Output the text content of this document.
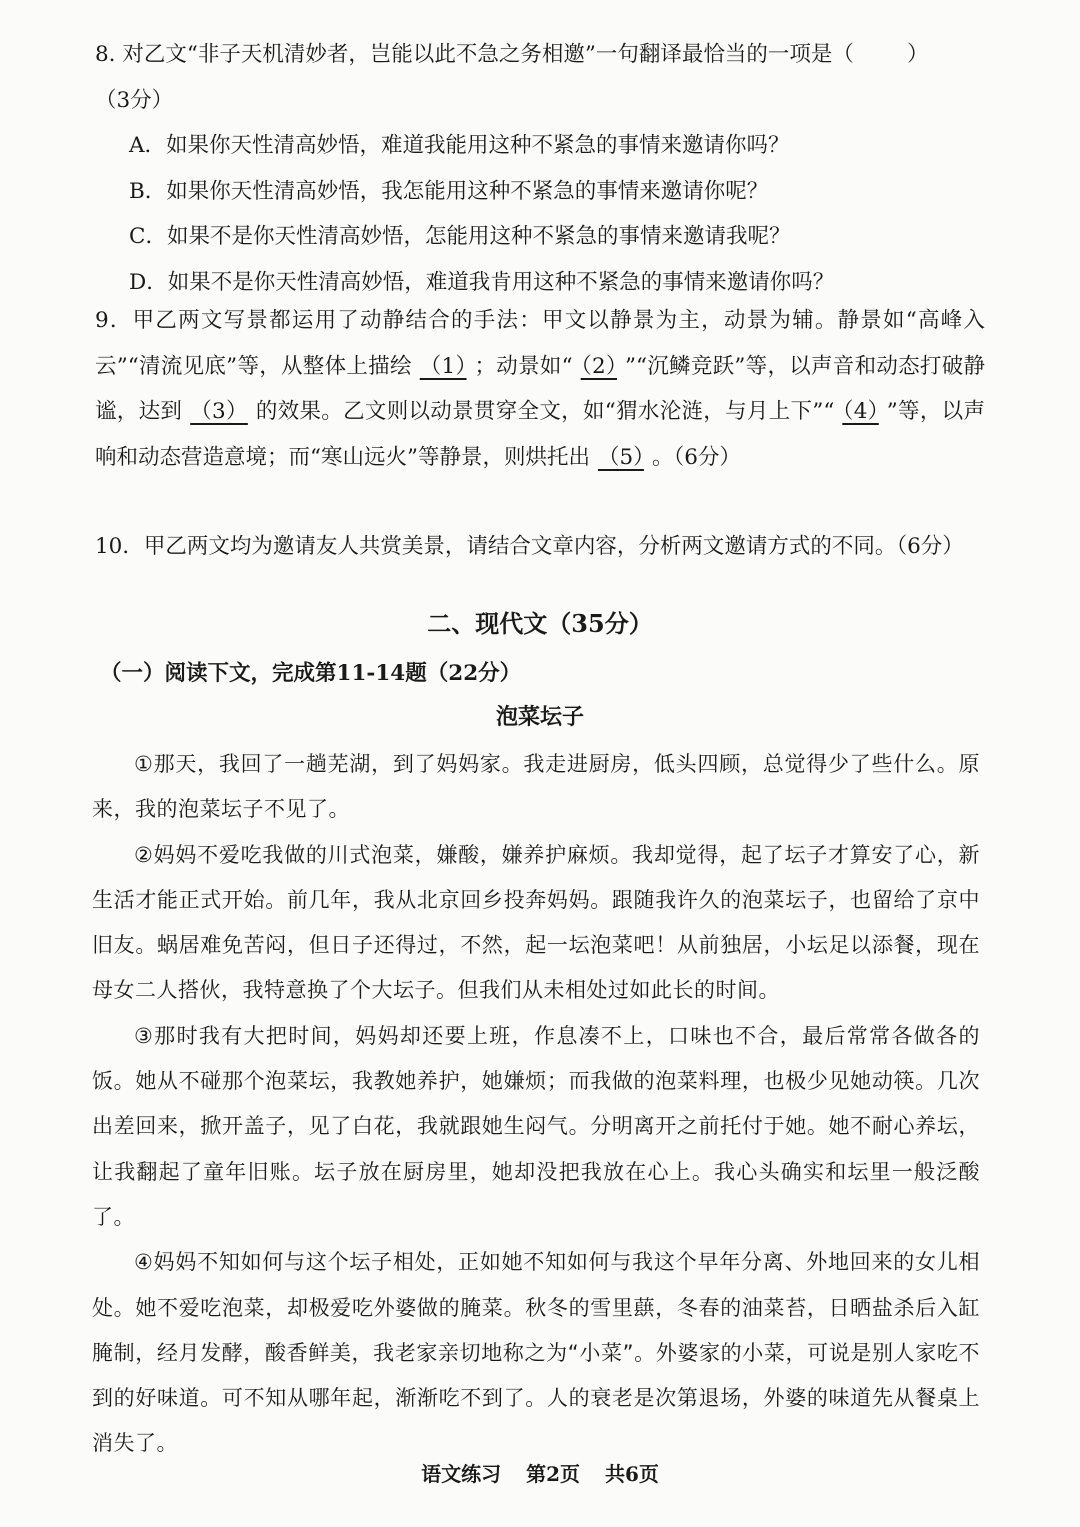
8. 对乙文“非子天机清妙者，岂能以此不急之务相邀”一句翻译最恰当的一项是（ ）
（3分）
A．如果你天性清高妙悟，难道我能用这种不紧急的事情来邀请你吗？
B．如果你天性清高妙悟，我怎能用这种不紧急的事情来邀请你呢？
C．如果不是你天性清高妙悟，怎能用这种不紧急的事情来邀请我呢？
D．如果不是你天性清高妙悟，难道我肯用这种不紧急的事情来邀请你吗？
9．甲乙两文写景都运用了动静结合的手法：甲文以静景为主，动景为辅。静景如“高峰入云”“清流见底”等，从整体上描绘 （1） ；动景如“ （2） ”“沉鳞竞跃”等，以声音和动态打破静谧，达到 （3） 的效果。乙文则以动景贯穿全文，如“猬水沦涟，与月上下”“ （4） ”等，以声响和动态营造意境；而“寒山远火”等静景，则烘托出 （5） 。（6分）
10．甲乙两文均为邀请友人共赏美景，请结合文章内容，分析两文邀请方式的不同。（6分）
二、现代文（35分）
（一）阅读下文，完成第11-14题（22分）
泡菜坛子

①那天，我回了一趟芜湖，到了妈妈家。我走进厨房，低头四顾，总觉得少了些什么。原来，我的泡菜坛子不见了。

②妈妈不爱吃我做的川式泡菜，嫌酸，嫌养护麻烦。我却觉得，起了坛子才算安了心，新生活才能正式开始。前几年，我从北京回乡投奔妈妈。跟随我许久的泡菜坛子，也留给了京中旧友。蜗居难免苦闷，但日子还得过，不然，起一坛泡菜吧！从前独居，小坛足以添餐，现在母女二人搭伙，我特意换了个大坛子。但我们从未相处过如此长的时间。

③那时我有大把时间，妈妈却还要上班，作息凑不上，口味也不合，最后常常各做各的饭。她从不碰那个泡菜坛，我教她养护，她嫌烦；而我做的泡菜料理，也极少见她动筷。几次出差回来，掀开盖子，见了白花，我就跟她生闷气。分明离开之前托付于她。她不耐心养坛，让我翻起了童年旧账。坛子放在厨房里，她却没把我放在心上。我心头确实和坛里一般泛酸了。

④妈妈不知如何与这个坛子相处，正如她不知如何与我这个早年分离、外地回来的女儿相处。她不爱吃泡菜，却极爱吃外婆做的腌菜。秋冬的雪里蕻，冬春的油菜苔，日晒盐杀后入缸腌制，经月发酵，酸香鲜美，我老家亲切地称之为“小菜”。外婆家的小菜，可说是别人家吃不到的好味道。可不知从哪年起，渐渐吃不到了。人的衰老是次第退场，外婆的味道先从餐桌上消失了。

语文练习 第2页 共6页
